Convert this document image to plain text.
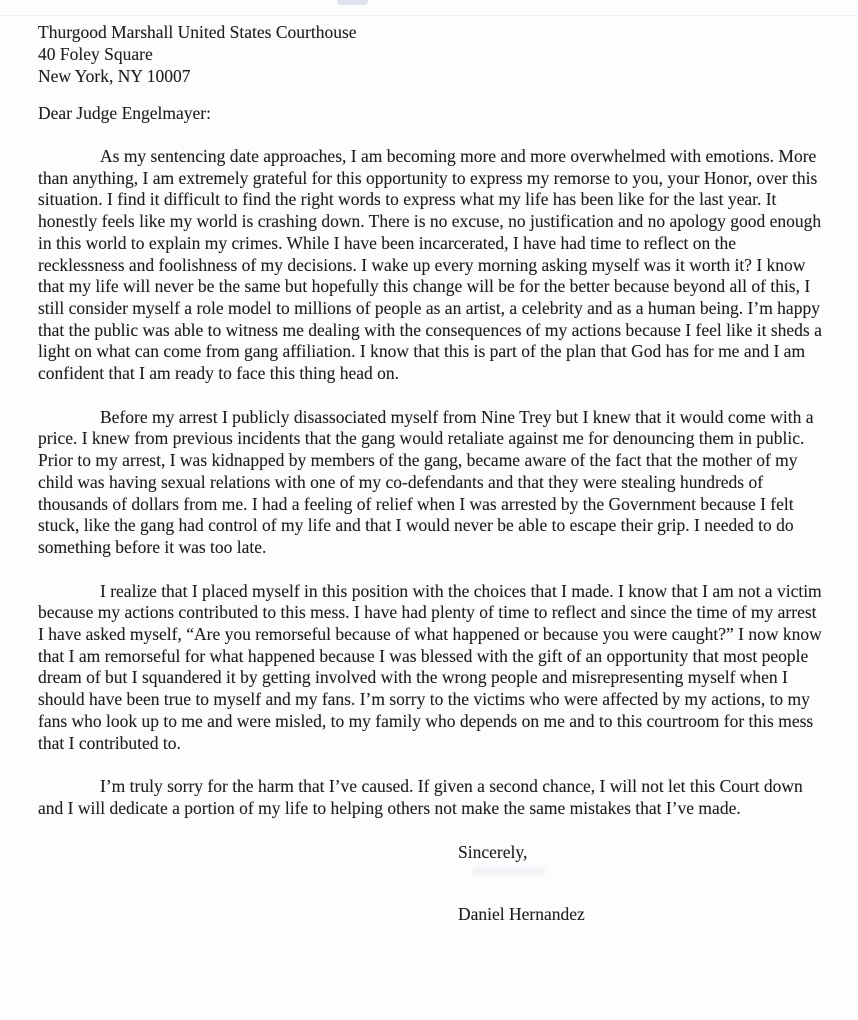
Thurgood Marshall United States Courthouse

40 Foley Square

New York, NY 10007

Dear Judge Engelmayer:

As my sentencing date approaches, I am becoming more and more overwhelmed with emotions. More than anything, I am extremely grateful for this opportunity to express my remorse to you, your Honor, over this situation. I find it difficult to find the right words to express what my life has been like for the last year. It honestly feels like my world is crashing down. There is no excuse, no justification and no apology good enough in this world to explain my crimes. While I have been incarcerated, I have had time to reflect on the recklessness and foolishness of my decisions. I wake up every morning asking myself was it worth it? I know that my life will never be the same but hopefully this change will be for the better because beyond all of this, I still consider myself a role model to millions of people as an artist, a celebrity and as a human being. I’m happy that the public was able to witness me dealing with the consequences of my actions because I feel like it sheds a light on what can come from gang affiliation. I know that this is part of the plan that God has for me and I am confident that I am ready to face this thing head on.

Before my arrest I publicly disassociated myself from Nine Trey but I knew that it would come with a price. I knew from previous incidents that the gang would retaliate against me for denouncing them in public. Prior to my arrest, I was kidnapped by members of the gang, became aware of the fact that the mother of my child was having sexual relations with one of my co-defendants and that they were stealing hundreds of thousands of dollars from me. I had a feeling of relief when I was arrested by the Government because I felt stuck, like the gang had control of my life and that I would never be able to escape their grip. I needed to do something before it was too late.

I realize that I placed myself in this position with the choices that I made. I know that I am not a victim because my actions contributed to this mess. I have had plenty of time to reflect and since the time of my arrest I have asked myself, “Are you remorseful because of what happened or because you were caught?” I now know that I am remorseful for what happened because I was blessed with the gift of an opportunity that most people dream of but I squandered it by getting involved with the wrong people and misrepresenting myself when I should have been true to myself and my fans. I’m sorry to the victims who were affected by my actions, to my fans who look up to me and were misled, to my family who depends on me and to this courtroom for this mess that I contributed to.

I’m truly sorry for the harm that I’ve caused. If given a second chance, I will not let this Court down and I will dedicate a portion of my life to helping others not make the same mistakes that I’ve made.

Sincerely,

Daniel Hernandez
